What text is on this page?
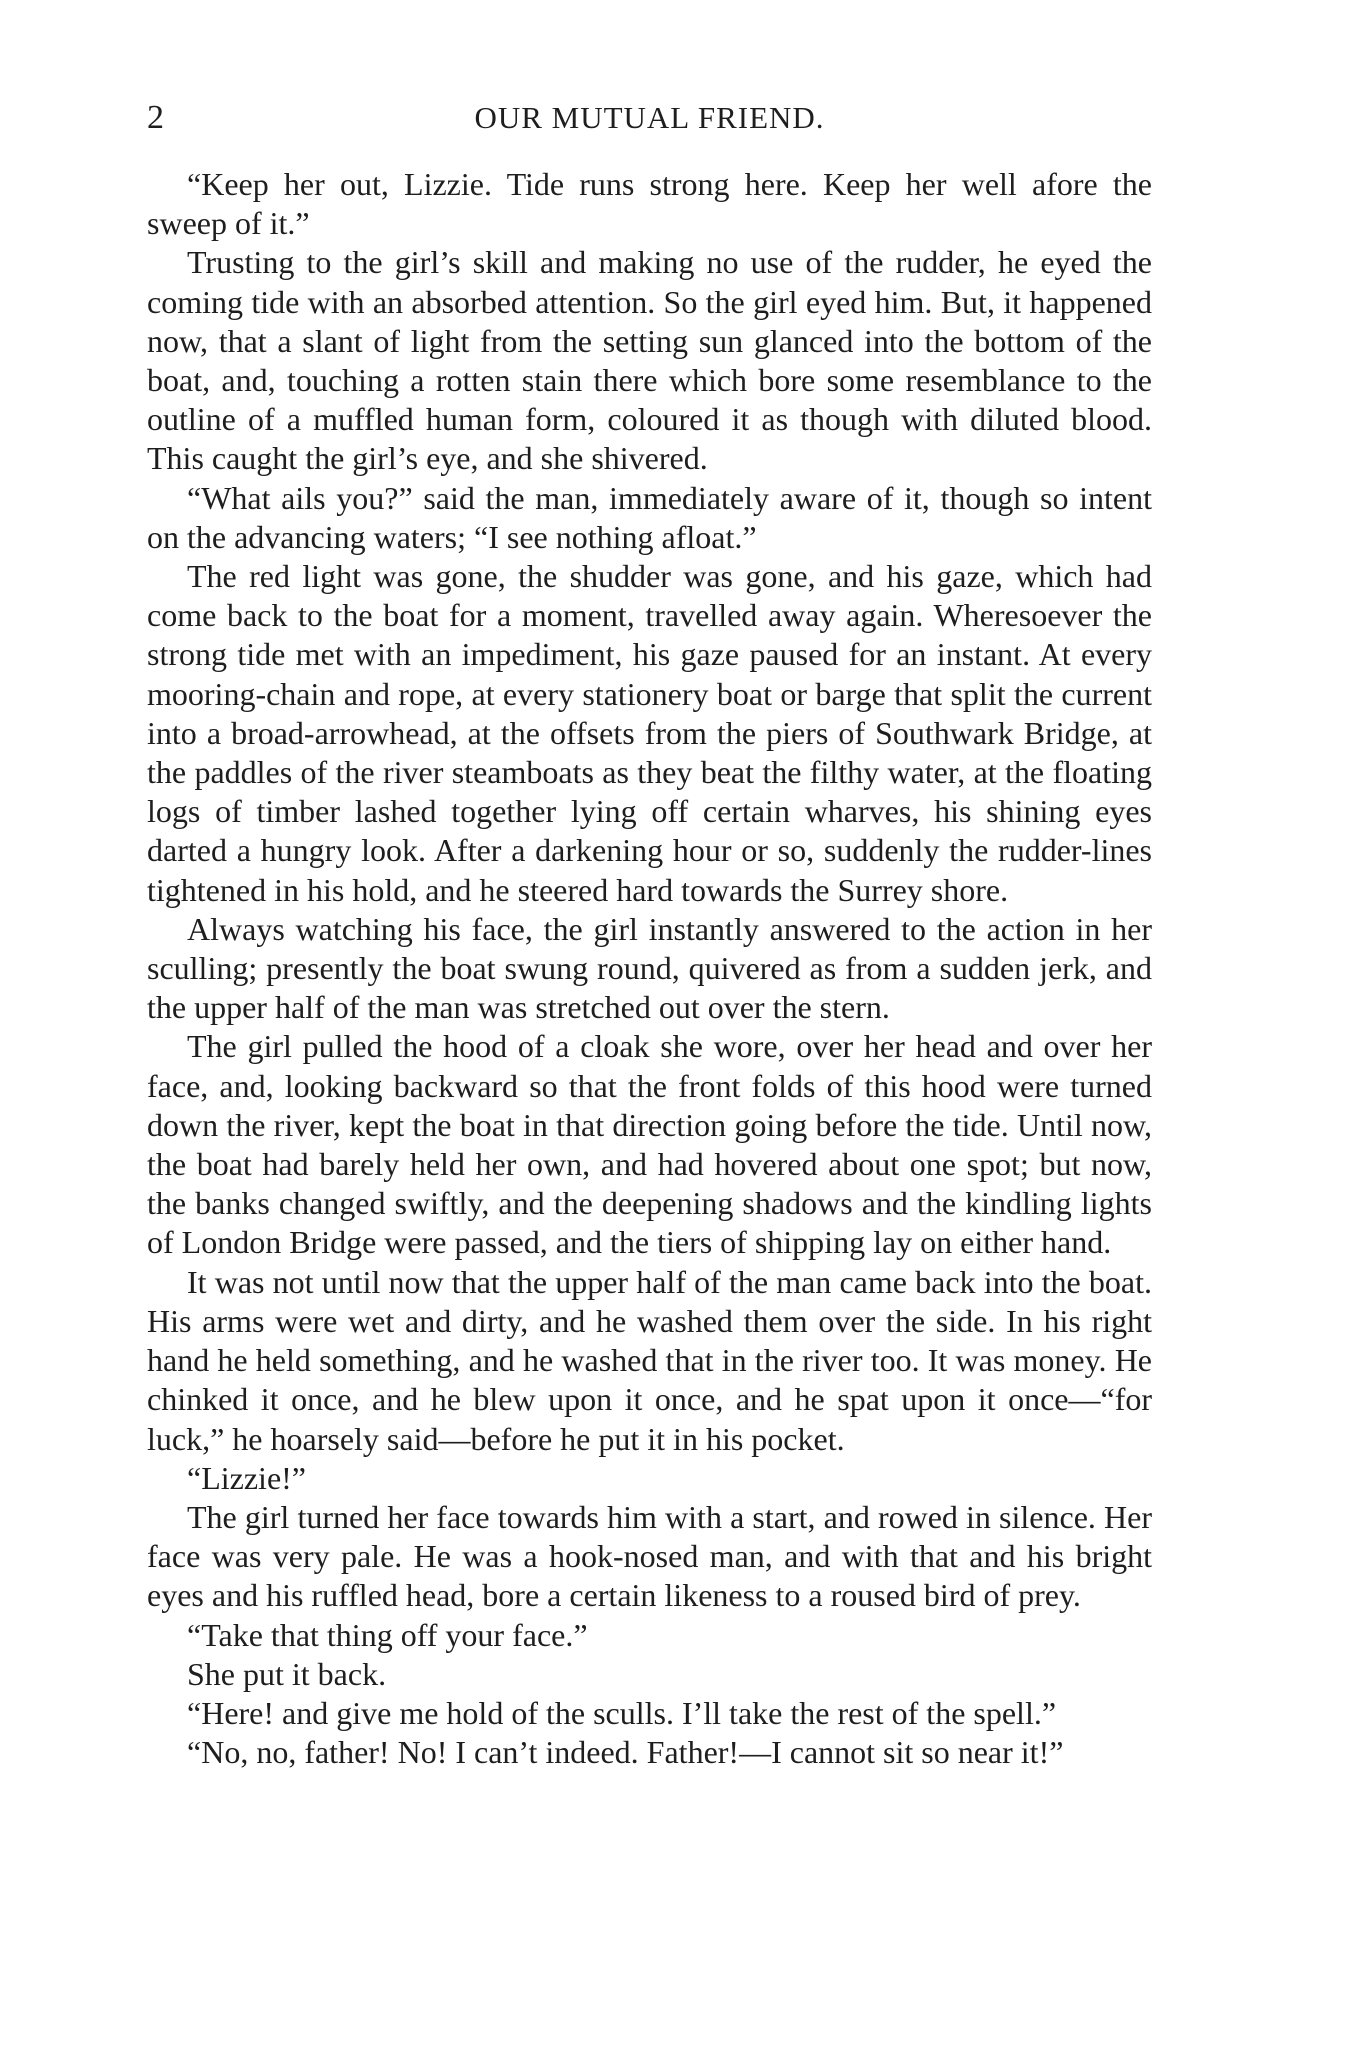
2	OUR MUTUAL FRIEND.

“Keep her out, Lizzie. Tide runs strong here. Keep her well afore the sweep of it.”

Trusting to the girl’s skill and making no use of the rudder, he eyed the coming tide with an absorbed attention. So the girl eyed him. But, it happened now, that a slant of light from the setting sun glanced into the bottom of the boat, and, touching a rotten stain there which bore some resemblance to the outline of a muffled human form, coloured it as though with diluted blood. This caught the girl’s eye, and she shivered.

“What ails you?” said the man, immediately aware of it, though so intent on the advancing waters; “I see nothing afloat.”

The red light was gone, the shudder was gone, and his gaze, which had come back to the boat for a moment, travelled away again. Wheresoever the strong tide met with an impediment, his gaze paused for an instant. At every mooring-chain and rope, at every stationery boat or barge that split the current into a broad-arrowhead, at the offsets from the piers of Southwark Bridge, at the paddles of the river steamboats as they beat the filthy water, at the floating logs of timber lashed together lying off certain wharves, his shining eyes darted a hungry look. After a darkening hour or so, suddenly the rudder-lines tightened in his hold, and he steered hard towards the Surrey shore.

Always watching his face, the girl instantly answered to the action in her sculling; presently the boat swung round, quivered as from a sudden jerk, and the upper half of the man was stretched out over the stern.

The girl pulled the hood of a cloak she wore, over her head and over her face, and, looking backward so that the front folds of this hood were turned down the river, kept the boat in that direction going before the tide. Until now, the boat had barely held her own, and had hovered about one spot; but now, the banks changed swiftly, and the deepening shadows and the kindling lights of London Bridge were passed, and the tiers of shipping lay on either hand.

It was not until now that the upper half of the man came back into the boat. His arms were wet and dirty, and he washed them over the side. In his right hand he held something, and he washed that in the river too. It was money. He chinked it once, and he blew upon it once, and he spat upon it once—“for luck,” he hoarsely said—before he put it in his pocket.

“Lizzie!”

The girl turned her face towards him with a start, and rowed in silence. Her face was very pale. He was a hook-nosed man, and with that and his bright eyes and his ruffled head, bore a certain likeness to a roused bird of prey.

“Take that thing off your face.”

She put it back.

“Here! and give me hold of the sculls. I’ll take the rest of the spell.”

“No, no, father! No! I can’t indeed. Father!—I cannot sit so near it!”
